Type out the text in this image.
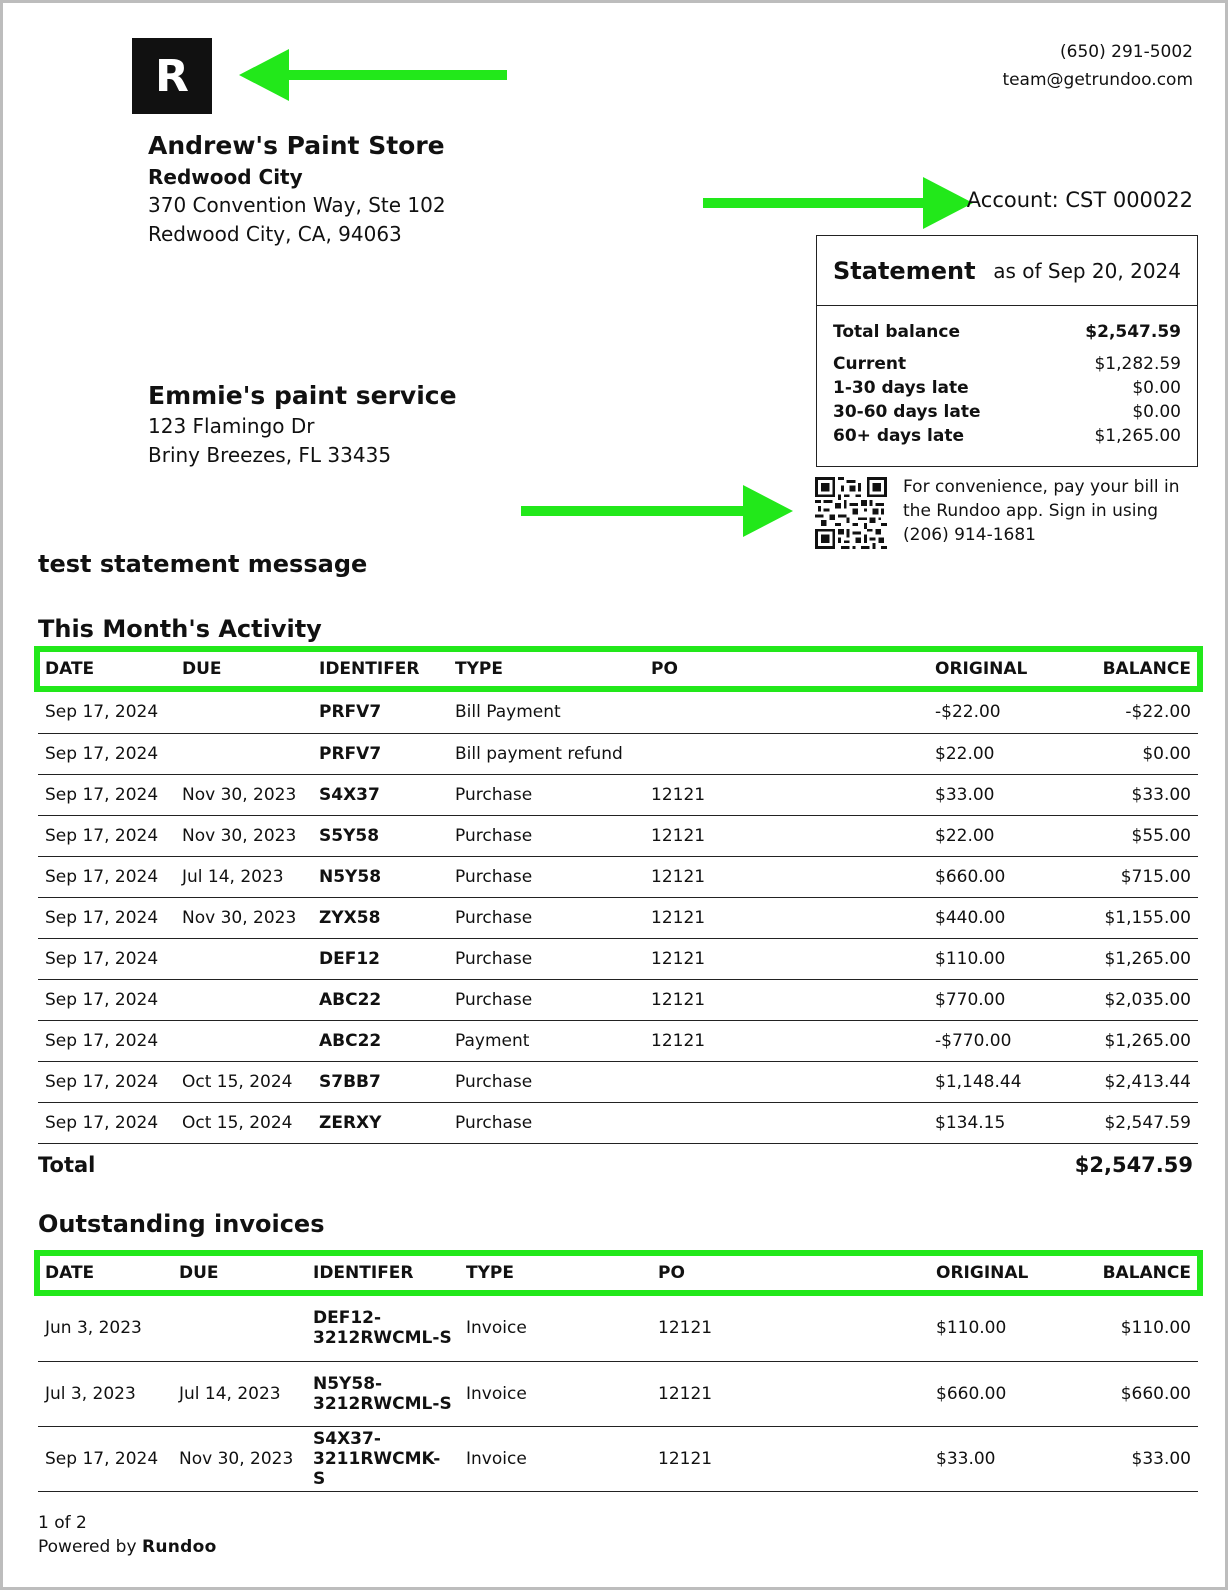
R	(650) 291-5002
team@getrundoo.com
Andrew's Paint Store
Redwood City
370 Convention Way, Ste 102
Redwood City, CA, 94063
Account: CST 000022
Statement as of Sep 20, 2024
Total balance	$2,547.59
Current	$1,282.59
1-30 days late	$0.00
30-60 days late	$0.00
60+ days late	$1,265.00
For convenience, pay your bill in the Rundoo app. Sign in using (206) 914-1681
Emmie's paint service
123 Flamingo Dr
Briny Breezes, FL 33435
test statement message
This Month's Activity
DATE	DUE	IDENTIFER	TYPE	PO	ORIGINAL	BALANCE
Sep 17, 2024		PRFV7	Bill Payment		-$22.00	-$22.00
Sep 17, 2024		PRFV7	Bill payment refund		$22.00	$0.00
Sep 17, 2024	Nov 30, 2023	S4X37	Purchase	12121	$33.00	$33.00
Sep 17, 2024	Nov 30, 2023	S5Y58	Purchase	12121	$22.00	$55.00
Sep 17, 2024	Jul 14, 2023	N5Y58	Purchase	12121	$660.00	$715.00
Sep 17, 2024	Nov 30, 2023	ZYX58	Purchase	12121	$440.00	$1,155.00
Sep 17, 2024		DEF12	Purchase	12121	$110.00	$1,265.00
Sep 17, 2024		ABC22	Purchase	12121	$770.00	$2,035.00
Sep 17, 2024		ABC22	Payment	12121	-$770.00	$1,265.00
Sep 17, 2024	Oct 15, 2024	S7BB7	Purchase		$1,148.44	$2,413.44
Sep 17, 2024	Oct 15, 2024	ZERXY	Purchase		$134.15	$2,547.59
Total	$2,547.59
Outstanding invoices
DATE	DUE	IDENTIFER	TYPE	PO	ORIGINAL	BALANCE
Jun 3, 2023		DEF12-
3212RWCML-S	Invoice	12121	$110.00	$110.00
Jul 3, 2023	Jul 14, 2023	N5Y58-
3212RWCML-S	Invoice	12121	$660.00	$660.00
Sep 17, 2024	Nov 30, 2023	S4X37-
3211RWCMK-S	Invoice	12121	$33.00	$33.00
1 of 2
Powered by Rundoo
